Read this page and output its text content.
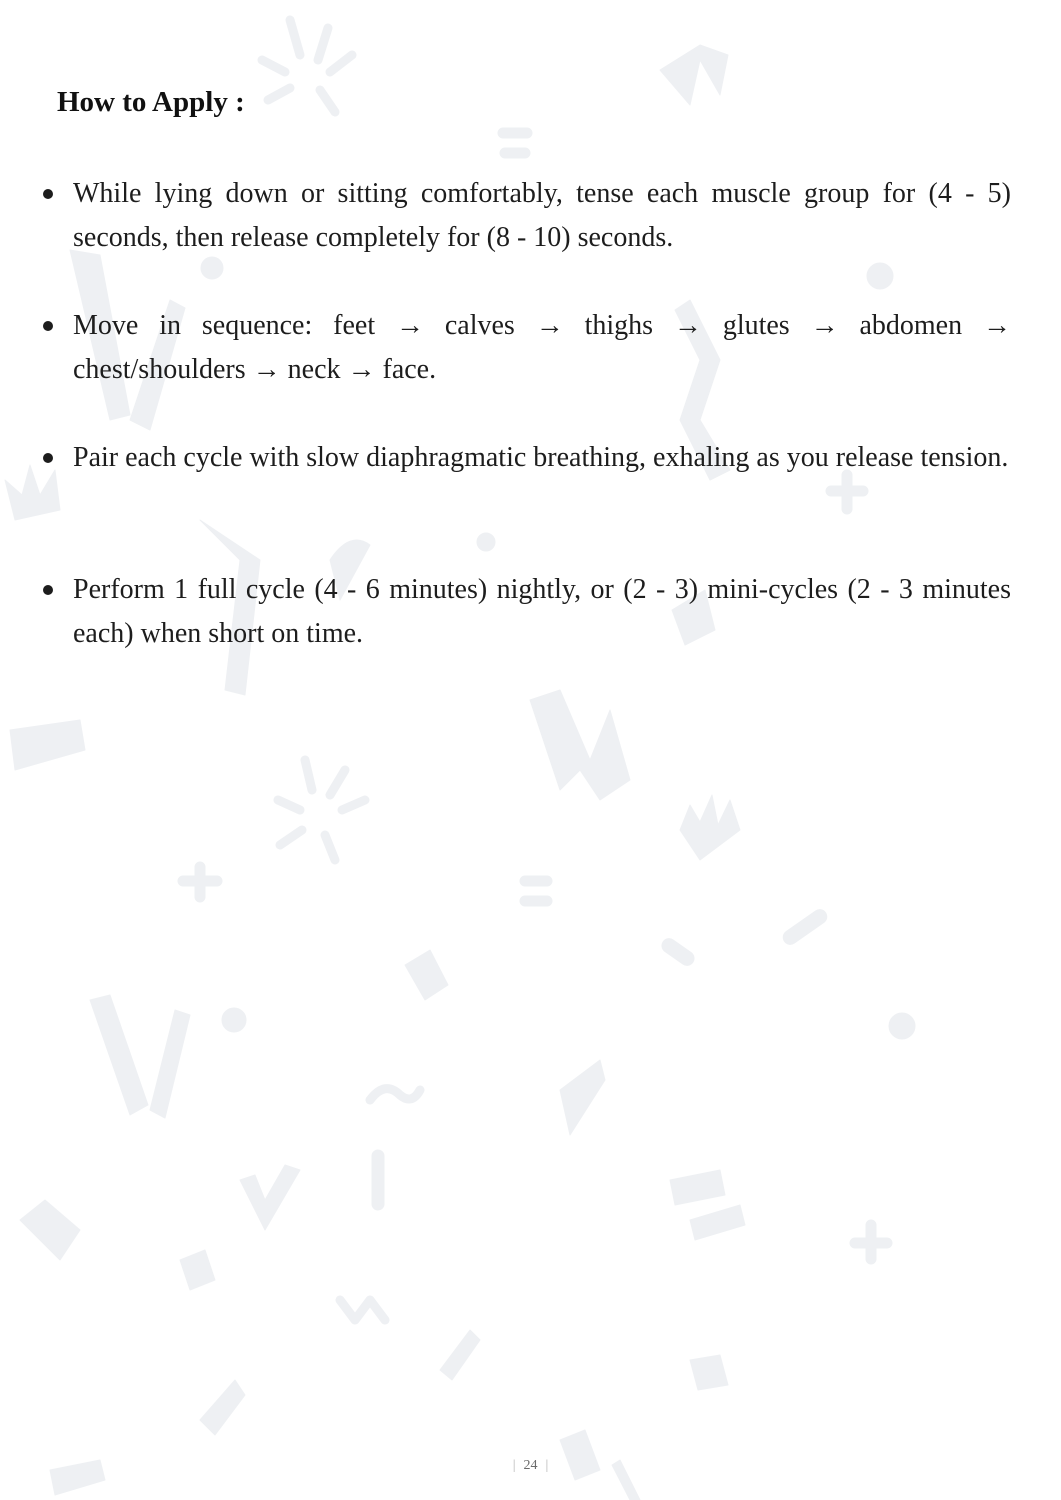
How to Apply :
While lying down or sitting comfortably, tense each muscle group for (4 - 5) seconds, then release completely for (8 - 10) seconds.
Move in sequence: feet → calves → thighs → glutes → abdomen → chest/shoulders → neck → face.
Pair each cycle with slow diaphragmatic breathing, exhaling as you release tension.
Perform 1 full cycle (4 - 6 minutes) nightly, or (2 - 3) mini-cycles (2 - 3 minutes each) when short on time.
| 24 |
